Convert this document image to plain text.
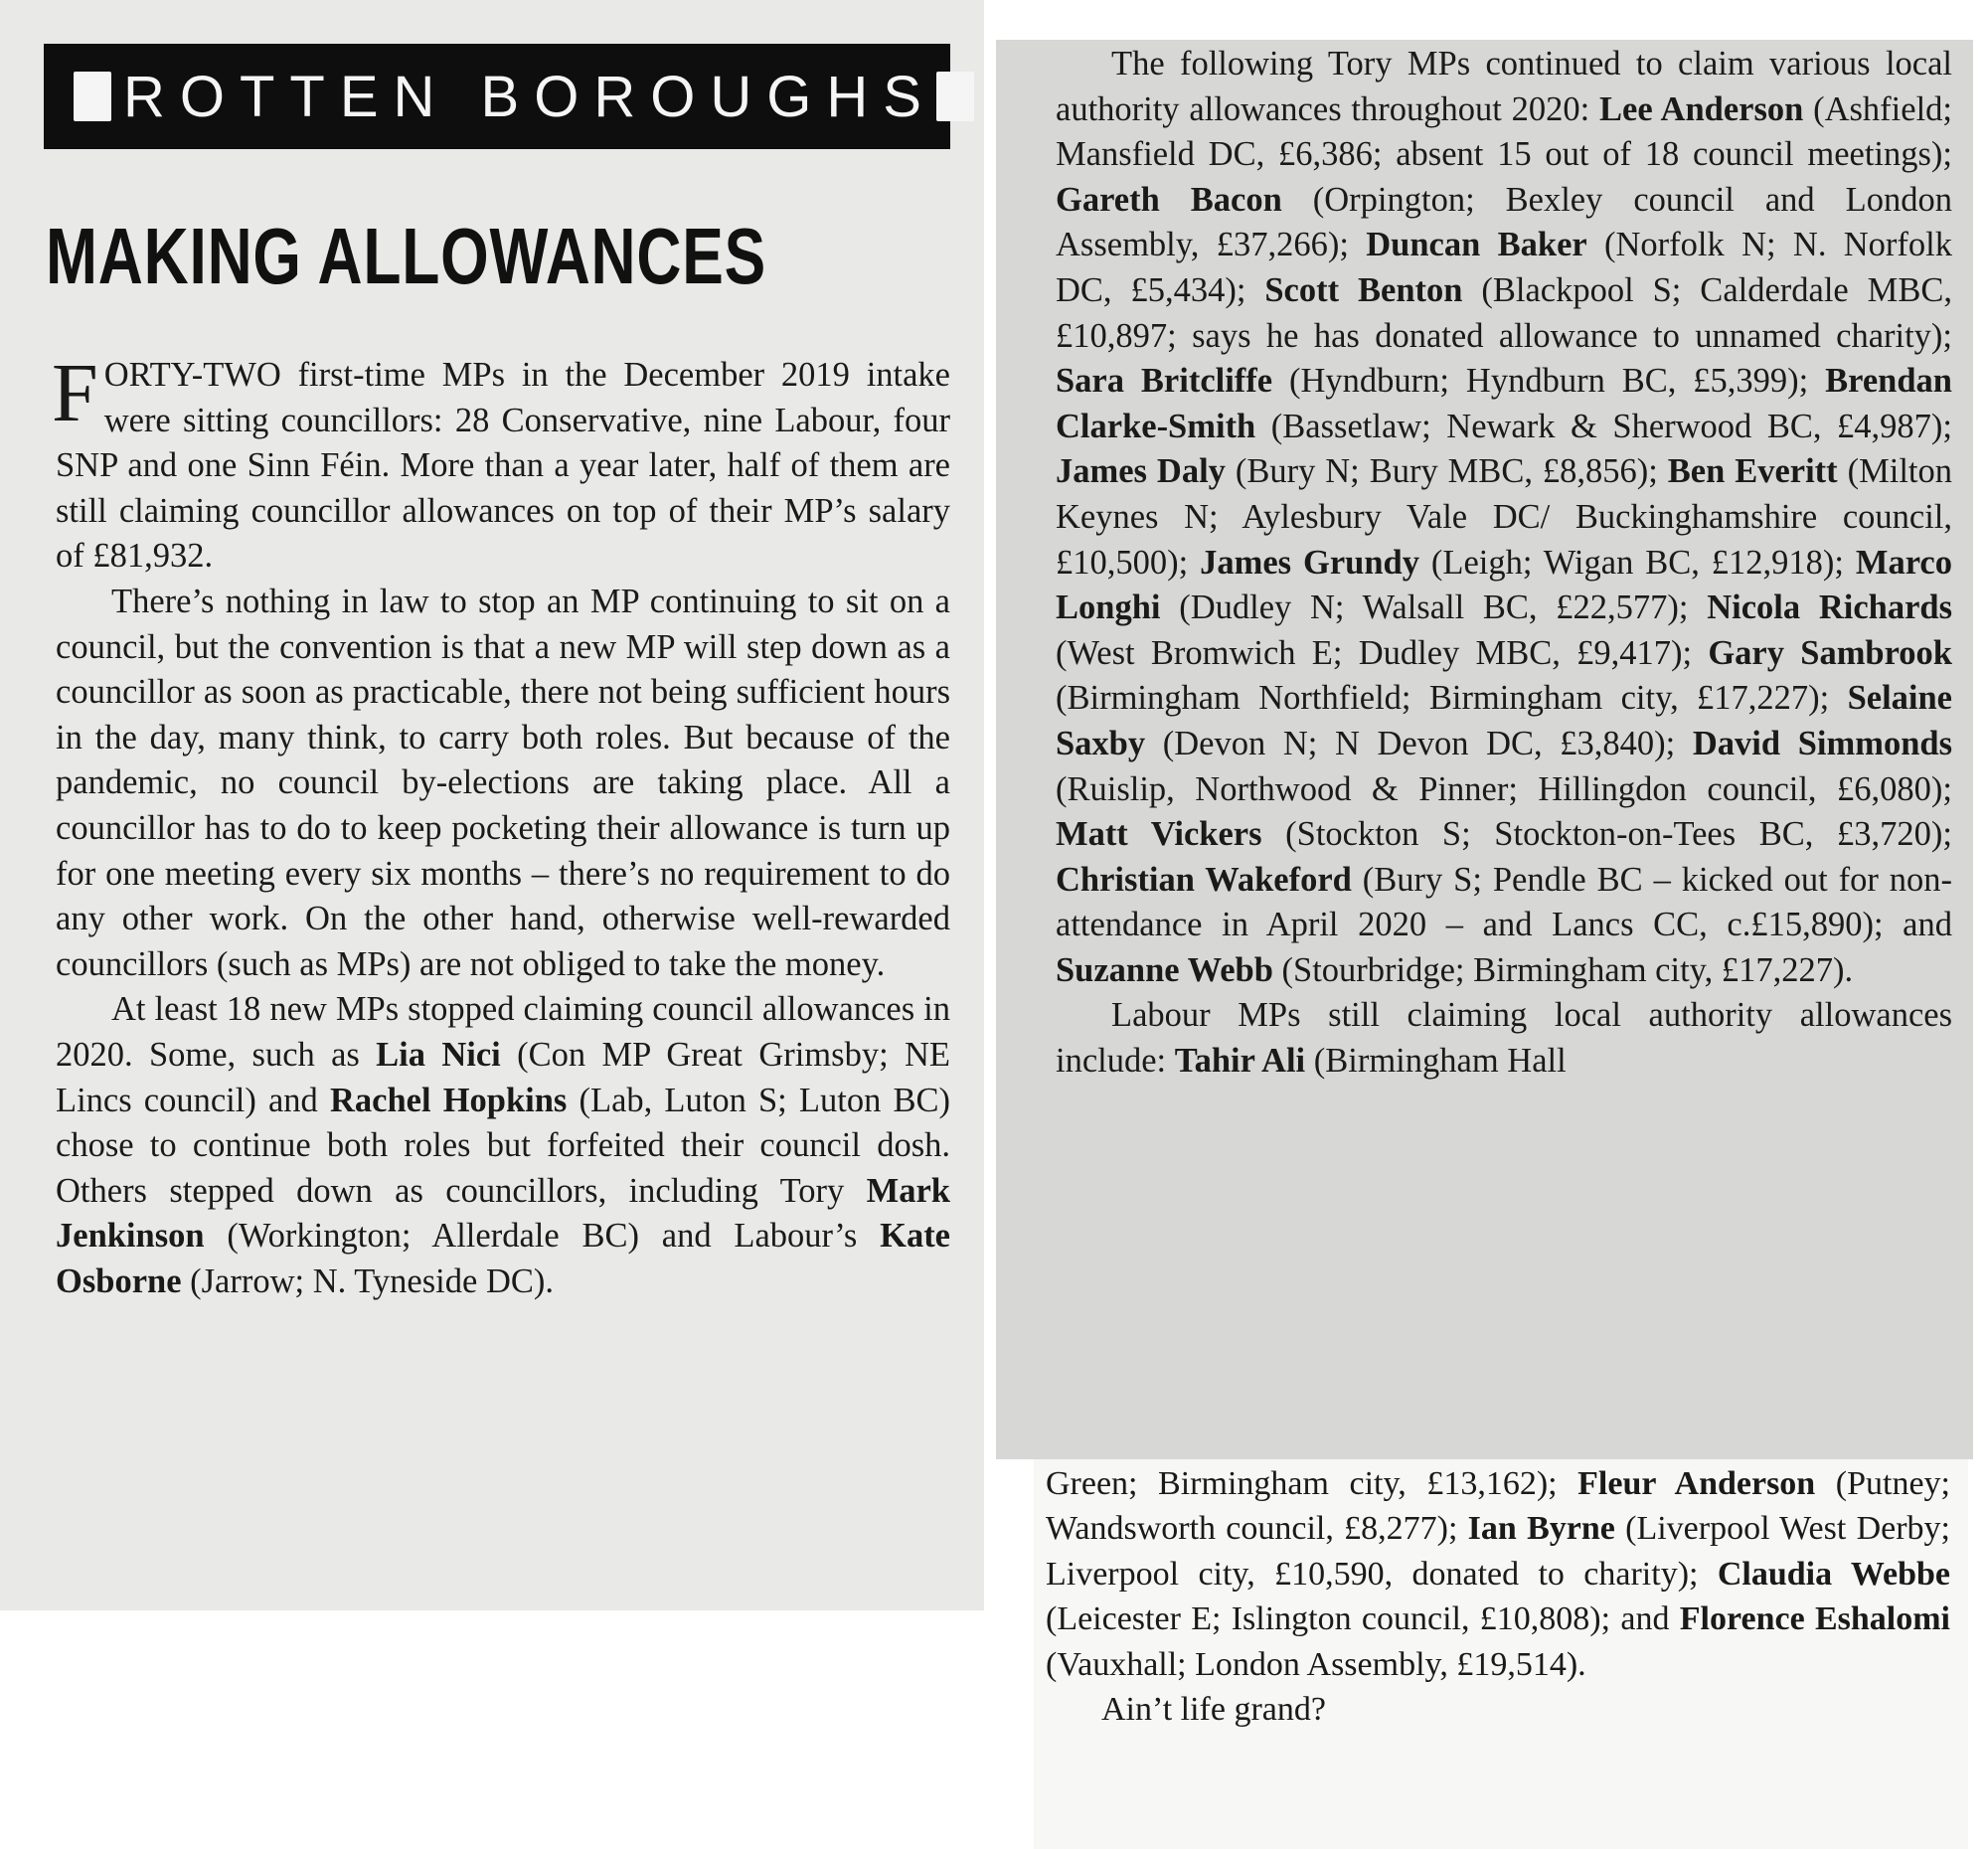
ROTTEN BOROUGHS
MAKING ALLOWANCES

FORTY-TWO first-time MPs in the December 2019 intake were sitting councillors: 28 Conservative, nine Labour, four SNP and one Sinn Féin. More than a year later, half of them are still claiming councillor allowances on top of their MP’s salary of £81,932.

There’s nothing in law to stop an MP continuing to sit on a council, but the convention is that a new MP will step down as a councillor as soon as practicable, there not being sufficient hours in the day, many think, to carry both roles. But because of the pandemic, no council by-elections are taking place. All a councillor has to do to keep pocketing their allowance is turn up for one meeting every six months – there’s no requirement to do any other work. On the other hand, otherwise well-rewarded councillors (such as MPs) are not obliged to take the money.

At least 18 new MPs stopped claiming council allowances in 2020. Some, such as Lia Nici (Con MP Great Grimsby; NE Lincs council) and Rachel Hopkins (Lab, Luton S; Luton BC) chose to continue both roles but forfeited their council dosh. Others stepped down as councillors, including Tory Mark Jenkinson (Workington; Allerdale BC) and Labour’s Kate Osborne (Jarrow; N. Tyneside DC).

The following Tory MPs continued to claim various local authority allowances throughout 2020: Lee Anderson (Ashfield; Mansfield DC, £6,386; absent 15 out of 18 council meetings); Gareth Bacon (Orpington; Bexley council and London Assembly, £37,266); Duncan Baker (Norfolk N; N. Norfolk DC, £5,434); Scott Benton (Blackpool S; Calderdale MBC, £10,897; says he has donated allowance to unnamed charity); Sara Britcliffe (Hyndburn; Hyndburn BC, £5,399); Brendan Clarke-Smith (Bassetlaw; Newark & Sherwood BC, £4,987); James Daly (Bury N; Bury MBC, £8,856); Ben Everitt (Milton Keynes N; Aylesbury Vale DC/ Buckinghamshire council, £10,500); James Grundy (Leigh; Wigan BC, £12,918); Marco Longhi (Dudley N; Walsall BC, £22,577); Nicola Richards (West Bromwich E; Dudley MBC, £9,417); Gary Sambrook (Birmingham Northfield; Birmingham city, £17,227); Selaine Saxby (Devon N; N Devon DC, £3,840); David Simmonds (Ruislip, Northwood & Pinner; Hillingdon council, £6,080); Matt Vickers (Stockton S; Stockton-on-Tees BC, £3,720); Christian Wakeford (Bury S; Pendle BC – kicked out for non-attendance in April 2020 – and Lancs CC, c.£15,890); and Suzanne Webb (Stourbridge; Birmingham city, £17,227).

Labour MPs still claiming local authority allowances include: Tahir Ali (Birmingham Hall

Green; Birmingham city, £13,162); Fleur Anderson (Putney; Wandsworth council, £8,277); Ian Byrne (Liverpool West Derby; Liverpool city, £10,590, donated to charity); Claudia Webbe (Leicester E; Islington council, £10,808); and Florence Eshalomi (Vauxhall; London Assembly, £19,514).

Ain’t life grand?
